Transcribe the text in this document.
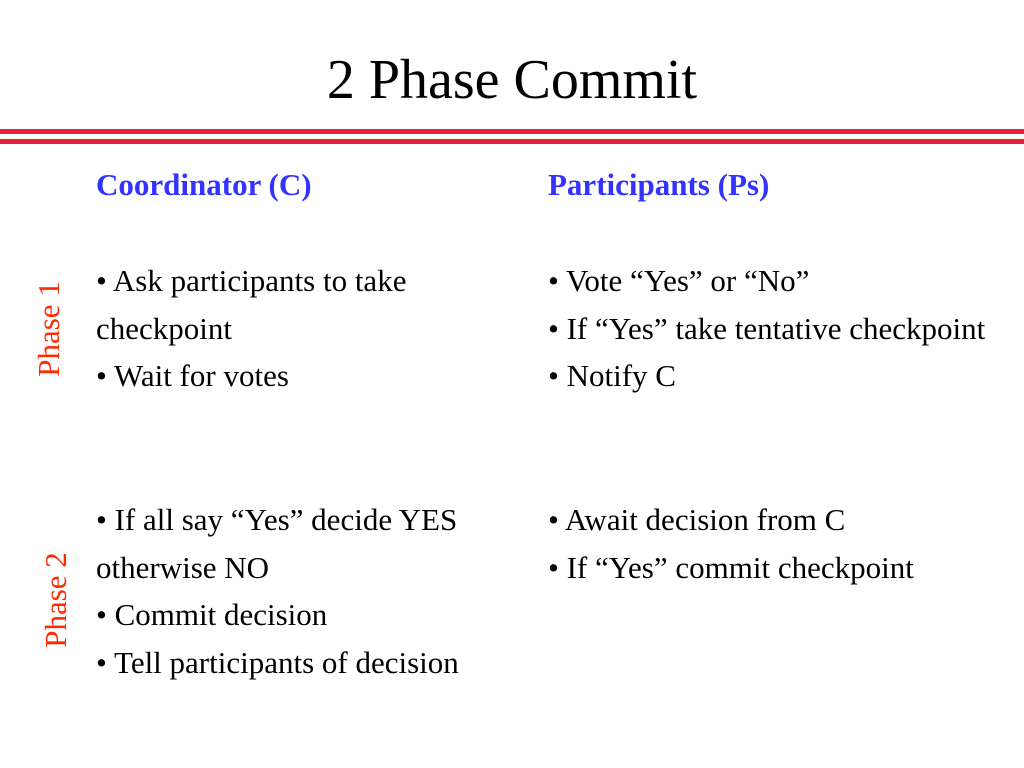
2 Phase Commit
Coordinator (C)	Participants (Ps)
Phase 1
Phase 2
• Ask participants to take checkpoint
• Wait for votes
• Vote “Yes” or “No”
• If “Yes” take tentative checkpoint
• Notify C
• If all say “Yes” decide YES otherwise NO
• Commit decision
• Tell participants of decision
• Await decision from C
• If “Yes” commit checkpoint
